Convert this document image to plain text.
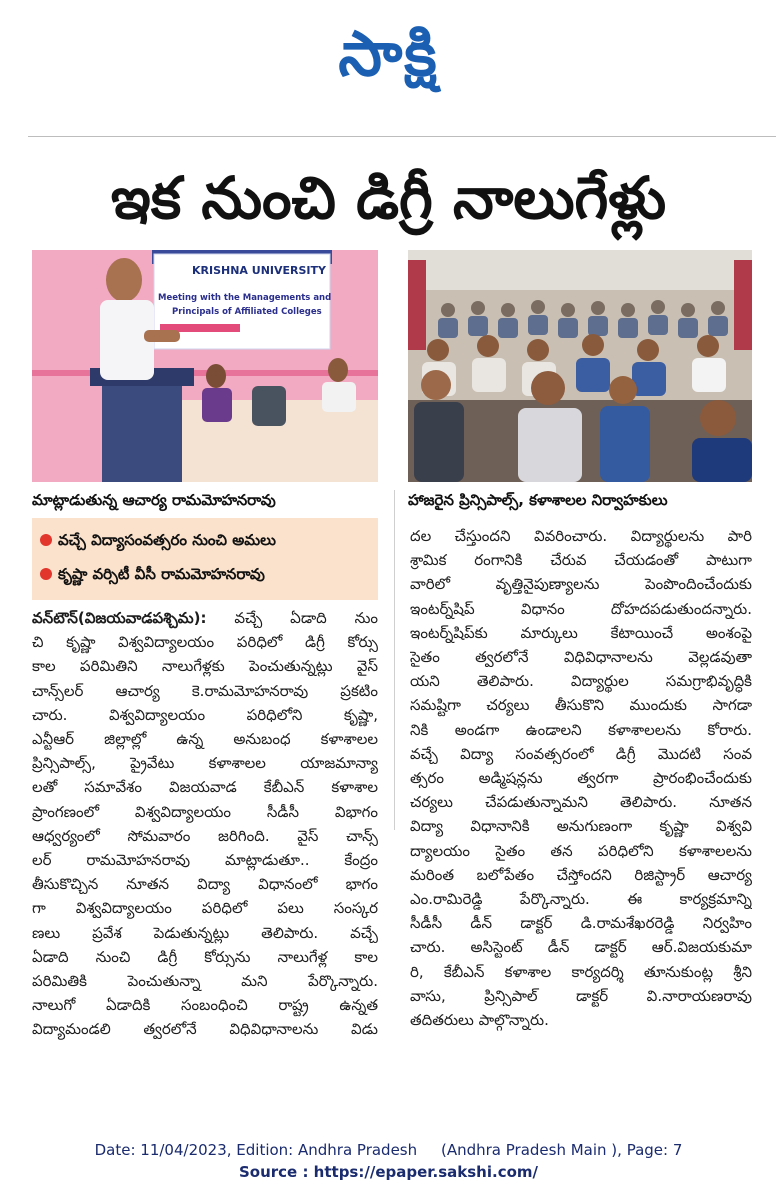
సాక్షి
ఇక నుంచి డిగ్రీ నాలుగేళ్లు
KRISHNA UNIVERSITY
Meeting with the Managements and
Principals of Affiliated Colleges
మాట్లాడుతున్న ఆచార్య రామమోహనరావు	హాజరైన ప్రిన్సిపాల్స్, కళాశాలల నిర్వాహకులు
వచ్చే విద్యాసంవత్సరం నుంచి అమలు
కృష్ణా వర్సిటీ వీసీ రామమోహనరావు

వన్‌టౌన్(విజయవాడపశ్చిమ): వచ్చే ఏడాది నుం

చి కృష్ణా విశ్వవిద్యాలయం పరిధిలో డిగ్రీ కోర్సు

కాల పరిమితిని నాలుగేళ్లకు పెంచుతున్నట్లు వైస్

చాన్స్‌లర్ ఆచార్య కె.రామమోహనరావు ప్రకటిం

చారు. విశ్వవిద్యాలయం పరిధిలోని కృష్ణా,

ఎన్టీఆర్ జిల్లాల్లో ఉన్న అనుబంధ కళాశాలల

ప్రిన్సిపాల్స్, ప్రైవేటు కళాశాలల యాజమాన్యా

లతో సమావేశం విజయవాడ కేబీఎన్ కళాశాల

ప్రాంగణంలో విశ్వవిద్యాలయం సీడీసీ విభాగం

ఆధ్వర్యంలో సోమవారం జరిగింది. వైస్ చాన్స్

లర్ రామమోహనరావు మాట్లాడుతూ.. కేంద్రం

తీసుకొచ్చిన నూతన విద్యా విధానంలో భాగం

గా విశ్వవిద్యాలయం పరిధిలో పలు సంస్కర

ణలు ప్రవేశ పెడుతున్నట్లు తెలిపారు. వచ్చే

ఏడాది నుంచి డిగ్రీ కోర్సును నాలుగేళ్ల కాల

పరిమితికి పెంచుతున్నా మని పేర్కొన్నారు.

నాలుగో ఏడాదికి సంబంధించి రాష్ట్ర ఉన్నత

విద్యామండలి త్వరలోనే విధివిధానాలను విడు

దల చేస్తుందని వివరించారు. విద్యార్థులను పారి

శ్రామిక రంగానికి చేరువ చేయడంతో పాటుగా

వారిలో వృత్తినైపుణ్యాలను పెంపొందించేందుకు

ఇంటర్న్‌షిప్ విధానం దోహదపడుతుందన్నారు.

ఇంటర్న్‌షిప్‌కు మార్కులు కేటాయించే అంశంపై

సైతం త్వరలోనే విధివిధానాలను వెల్లడవుతా

యని తెలిపారు. విద్యార్థుల సమగ్రాభివృద్ధికి

సమష్టిగా చర్యలు తీసుకొని ముందుకు సాగడా

నికి అండగా ఉండాలని కళాశాలలను కోరారు.

వచ్చే విద్యా సంవత్సరంలో డిగ్రీ మొదటి సంవ

త్సరం అడ్మిషన్లను త్వరగా ప్రారంభించేందుకు

చర్యలు చేపడుతున్నామని తెలిపారు. నూతన

విద్యా విధానానికి అనుగుణంగా కృష్ణా విశ్వవి

ద్యాలయం సైతం తన పరిధిలోని కళాశాలలను

మరింత బలోపేతం చేస్తోందని రిజిస్ట్రార్ ఆచార్య

ఎం.రామిరెడ్డి పేర్కొన్నారు. ఈ కార్యక్రమాన్ని

సీడీసీ డీన్ డాక్టర్ డి.రామశేఖరరెడ్డి నిర్వహిం

చారు. అసిస్టెంట్ డీన్ డాక్టర్ ఆర్.విజయకుమా

రి, కేబీఎన్ కళాశాల కార్యదర్శి తూనుకుంట్ల శ్రీని

వాసు, ప్రిన్సిపాల్ డాక్టర్ వి.నారాయణరావు

తదితరులు పాల్గొన్నారు.

Date: 11/04/2023, Edition: Andhra Pradesh     (Andhra Pradesh Main ), Page: 7
Source : https://epaper.sakshi.com/
